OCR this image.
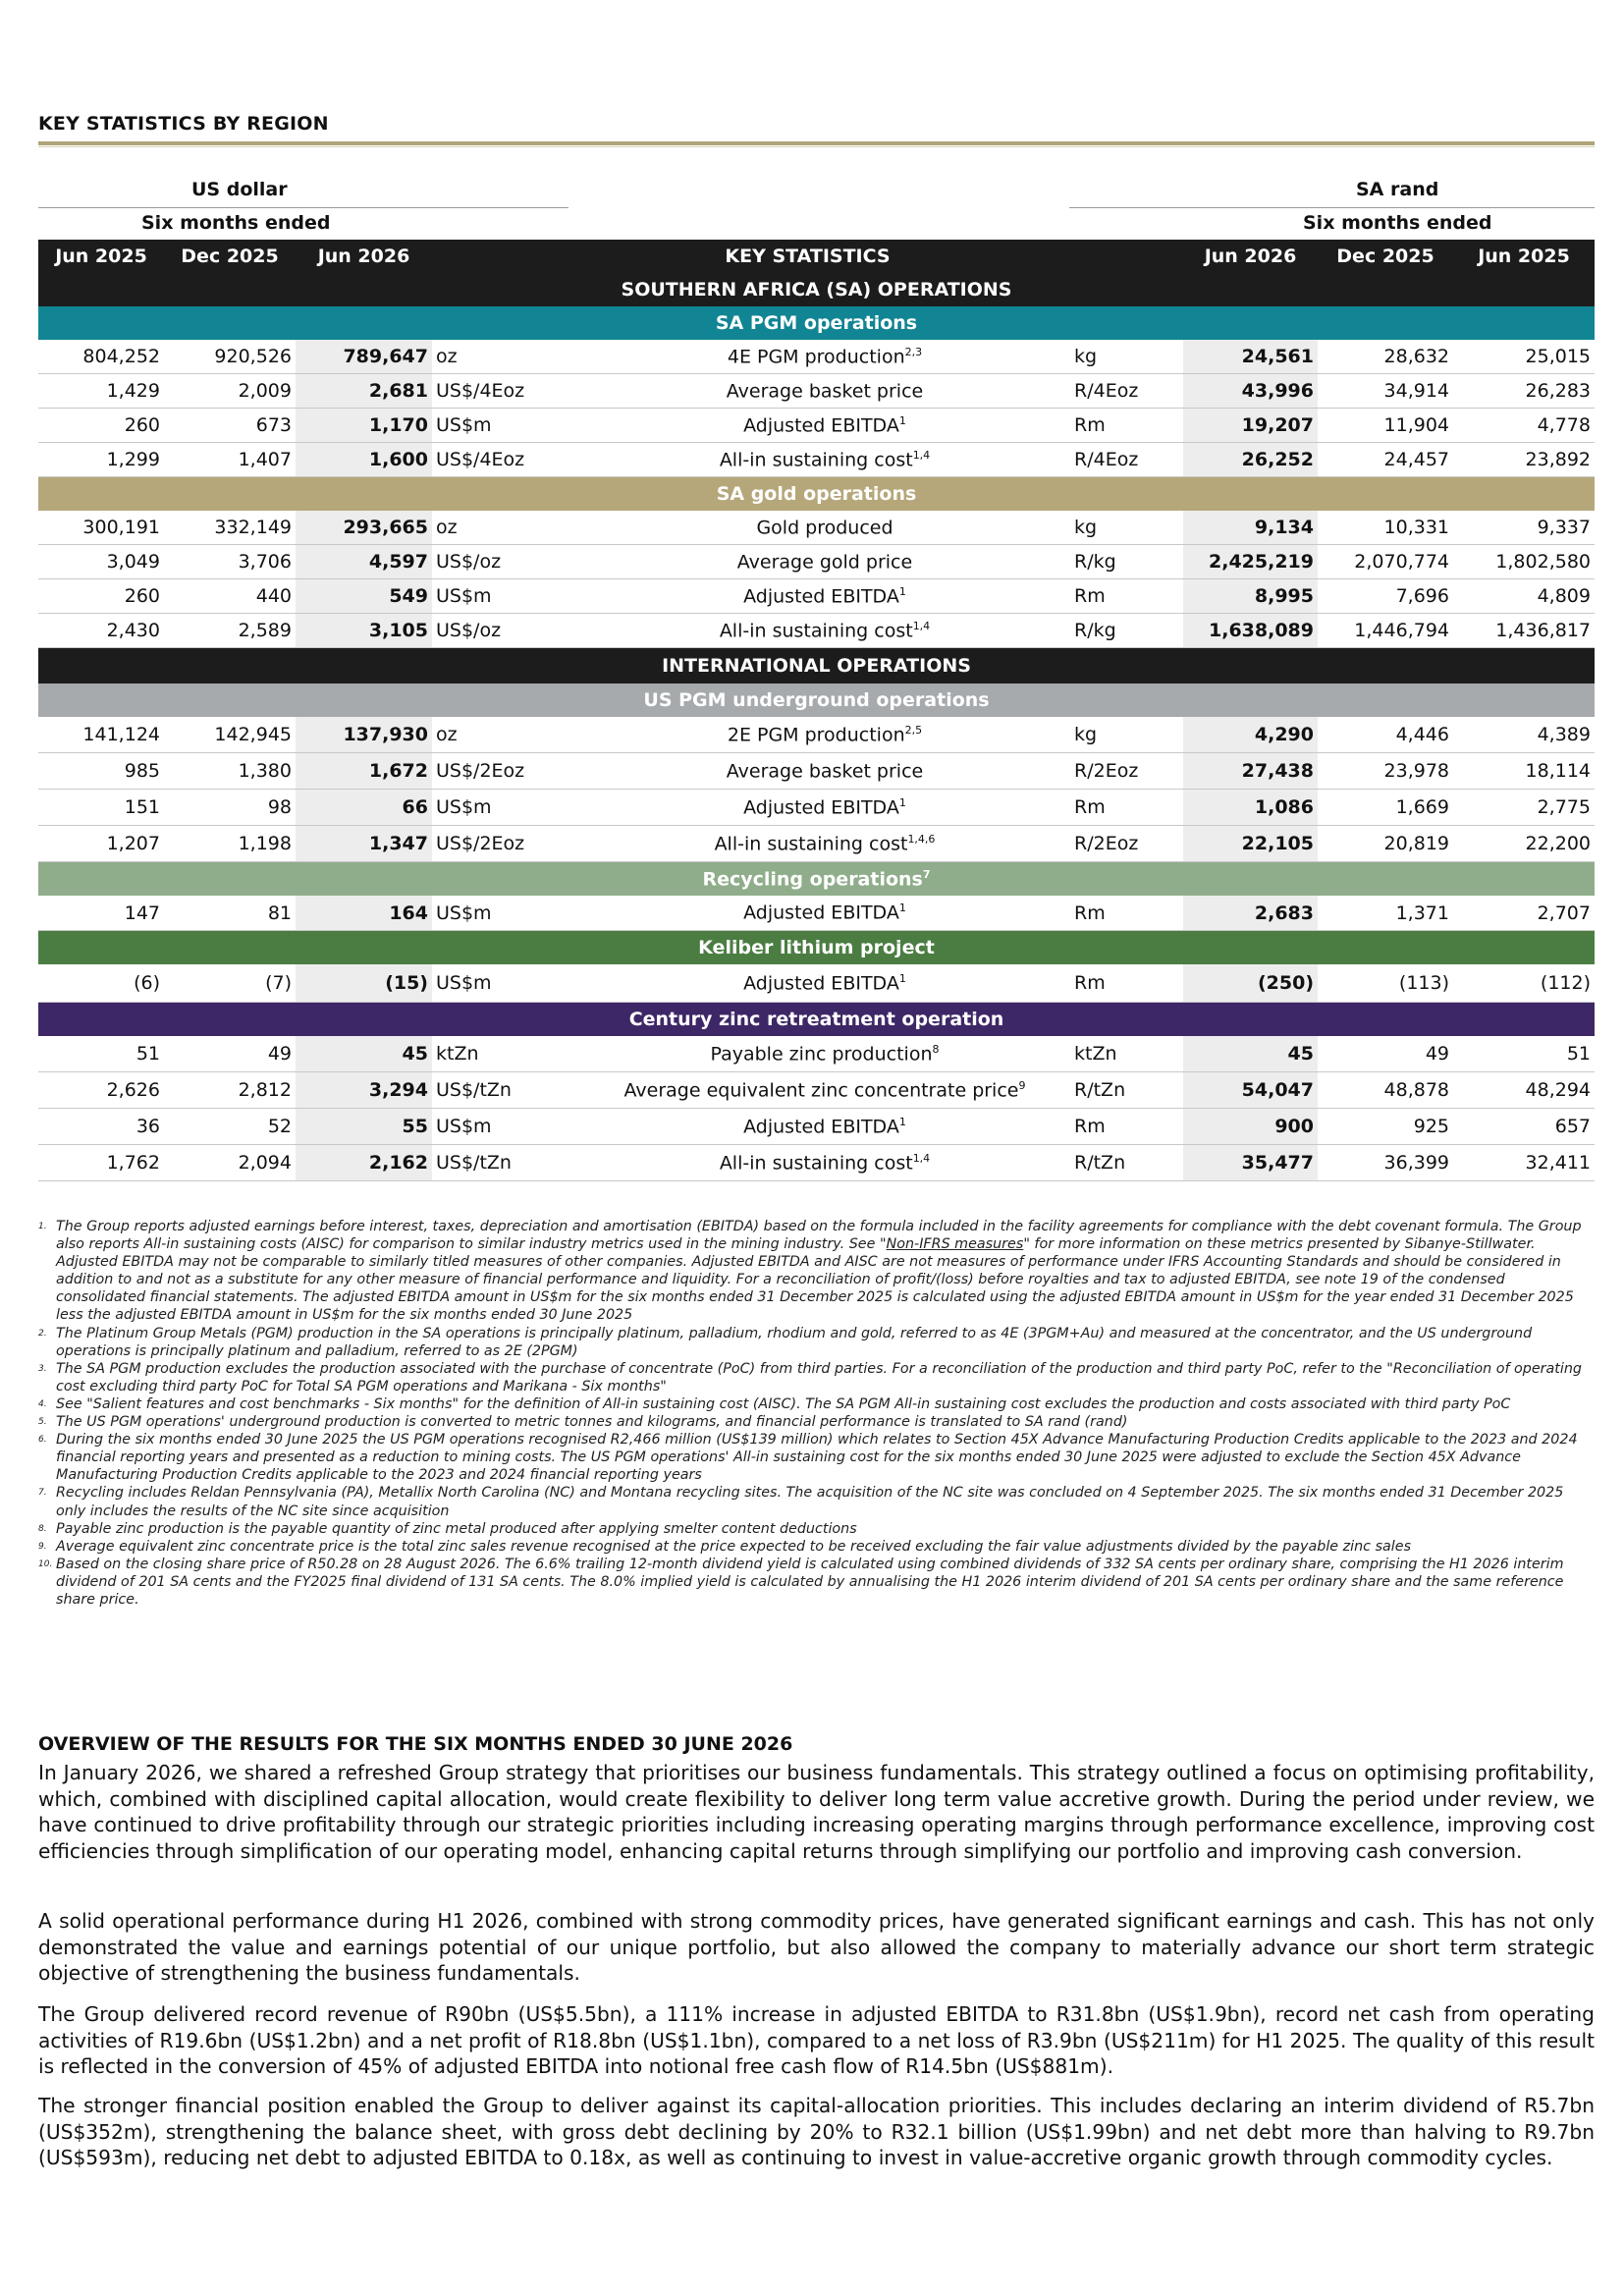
KEY STATISTICS BY REGION
US dollar	SA rand
Six months ended	Six months ended
Jun 2025	Dec 2025	Jun 2026	KEY STATISTICS			Jun 2026	Dec 2025	Jun 2025
SOUTHERN AFRICA (SA) OPERATIONS								
SA PGM operations								
804,252	920,526	789,647	oz	4E PGM production$^{2,3}$	kg	24,561	28,632	25,015
1,429	2,009	2,681	US$/4Eoz	Average basket price	R/4Eoz	43,996	34,914	26,283
260	673	1,170	US$m	Adjusted EBITDA$^1$	Rm	19,207	11,904	4,778
1,299	1,407	1,600	US$/4Eoz	All-in sustaining cost$^{1,4}$	R/4Eoz	26,252	24,457	23,892
SA gold operations								
300,191	332,149	293,665	oz	Gold produced	kg	9,134	10,331	9,337
3,049	3,706	4,597	US$/oz	Average gold price	R/kg	2,425,219	2,070,774	1,802,580
260	440	549	US$m	Adjusted EBITDA$^1$	Rm	8,995	7,696	4,809
2,430	2,589	3,105	US$/oz	All-in sustaining cost$^{1,4}$	R/kg	1,638,089	1,446,794	1,436,817
INTERNATIONAL OPERATIONS								
US PGM underground operations								
141,124	142,945	137,930	oz	2E PGM production$^{2,5}$	kg	4,290	4,446	4,389
985	1,380	1,672	US$/2Eoz	Average basket price	R/2Eoz	27,438	23,978	18,114
151	98	66	US$m	Adjusted EBITDA$^1$	Rm	1,086	1,669	2,775
1,207	1,198	1,347	US$/2Eoz	All-in sustaining cost$^{1,4,6}$	R/2Eoz	22,105	20,819	22,200
Recycling operations$^7$
147	81	164	US$m	Adjusted EBITDA$^1$	Rm	2,683	1,371	2,707
Keliber lithium project								
(6)	(7)	(15)	US$m	Adjusted EBITDA$^1$	Rm	(250)	(113)	(112)
Century zinc retreatment operation								
51	49	45	ktZn	Payable zinc production$^8$	ktZn	45	49	51
2,626	2,812	3,294	US$/tZn	Average equivalent zinc concentrate price$^9$	R/tZn	54,047	48,878	48,294
36	52	55	US$m	Adjusted EBITDA$^1$	Rm	900	925	657
1,762	2,094	2,162	US$/tZn	All-in sustaining cost$^{1,4}$	R/tZn	35,477	36,399	32,411
1. The Group reports adjusted earnings before interest, taxes, depreciation and amortisation (EBITDA) based on the formula included in the facility agreements for compliance with the debt covenant formula. The Group also reports All-in sustaining costs (AISC) for comparison to similar industry metrics used in the mining industry. See "Non-IFRS measures" for more information on these metrics presented by Sibanye-Stillwater. Adjusted EBITDA may not be comparable to similarly titled measures of other companies. Adjusted EBITDA and AISC are not measures of performance under IFRS Accounting Standards and should be considered in addition to and not as a substitute for any other measure of financial performance and liquidity. For a reconciliation of profit/(loss) before royalties and tax to adjusted EBITDA, see note 19 of the condensed consolidated financial statements. The adjusted EBITDA amount in US$m for the six months ended 31 December 2025 is calculated using the adjusted EBITDA amount in US$m for the year ended 31 December 2025 less the adjusted EBITDA amount in US$m for the six months ended 30 June 2025
2. The Platinum Group Metals (PGM) production in the SA operations is principally platinum, palladium, rhodium and gold, referred to as 4E (3PGM+Au) and measured at the concentrator, and the US underground operations is principally platinum and palladium, referred to as 2E (2PGM)
3. The SA PGM production excludes the production associated with the purchase of concentrate (PoC) from third parties. For a reconciliation of the production and third party PoC, refer to the "Reconciliation of operating cost excluding third party PoC for Total SA PGM operations and Marikana - Six months"
4. See "Salient features and cost benchmarks - Six months" for the definition of All-in sustaining cost (AISC). The SA PGM All-in sustaining cost excludes the production and costs associated with third party PoC
5. The US PGM operations' underground production is converted to metric tonnes and kilograms, and financial performance is translated to SA rand (rand)
6. During the six months ended 30 June 2025 the US PGM operations recognised R2,466 million (US$139 million) which relates to Section 45X Advance Manufacturing Production Credits applicable to the 2023 and 2024 financial reporting years and presented as a reduction to mining costs. The US PGM operations' All-in sustaining cost for the six months ended 30 June 2025 were adjusted to exclude the Section 45X Advance Manufacturing Production Credits applicable to the 2023 and 2024 financial reporting years
7. Recycling includes Reldan Pennsylvania (PA), Metallix North Carolina (NC) and Montana recycling sites. The acquisition of the NC site was concluded on 4 September 2025. The six months ended 31 December 2025 only includes the results of the NC site since acquisition
8. Payable zinc production is the payable quantity of zinc metal produced after applying smelter content deductions
9. Average equivalent zinc concentrate price is the total zinc sales revenue recognised at the price expected to be received excluding the fair value adjustments divided by the payable zinc sales
10. Based on the closing share price of R50.28 on 28 August 2026. The 6.6% trailing 12-month dividend yield is calculated using combined dividends of 332 SA cents per ordinary share, comprising the H1 2026 interim dividend of 201 SA cents and the FY2025 final dividend of 131 SA cents. The 8.0% implied yield is calculated by annualising the H1 2026 interim dividend of 201 SA cents per ordinary share and the same reference share price.
OVERVIEW OF THE RESULTS FOR THE SIX MONTHS ENDED 30 JUNE 2026
In January 2026, we shared a refreshed Group strategy that prioritises our business fundamentals. This strategy outlined a focus on optimising profitability, which, combined with disciplined capital allocation, would create flexibility to deliver long term value accretive growth. During the period under review, we have continued to drive profitability through our strategic priorities including increasing operating margins through performance excellence, improving cost efficiencies through simplification of our operating model, enhancing capital returns through simplifying our portfolio and improving cash conversion.
A solid operational performance during H1 2026, combined with strong commodity prices, have generated significant earnings and cash. This has not only demonstrated the value and earnings potential of our unique portfolio, but also allowed the company to materially advance our short term strategic objective of strengthening the business fundamentals.
The Group delivered record revenue of R90bn (US$5.5bn), a 111% increase in adjusted EBITDA to R31.8bn (US$1.9bn), record net cash from operating activities of R19.6bn (US$1.2bn) and a net profit of R18.8bn (US$1.1bn), compared to a net loss of R3.9bn (US$211m) for H1 2025. The quality of this result is reflected in the conversion of 45% of adjusted EBITDA into notional free cash flow of R14.5bn (US$881m).
The stronger financial position enabled the Group to deliver against its capital-allocation priorities. This includes declaring an interim dividend of R5.7bn (US$352m), strengthening the balance sheet, with gross debt declining by 20% to R32.1 billion (US$1.99bn) and net debt more than halving to R9.7bn (US$593m), reducing net debt to adjusted EBITDA to 0.18x, as well as continuing to invest in value-accretive organic growth through commodity cycles.
